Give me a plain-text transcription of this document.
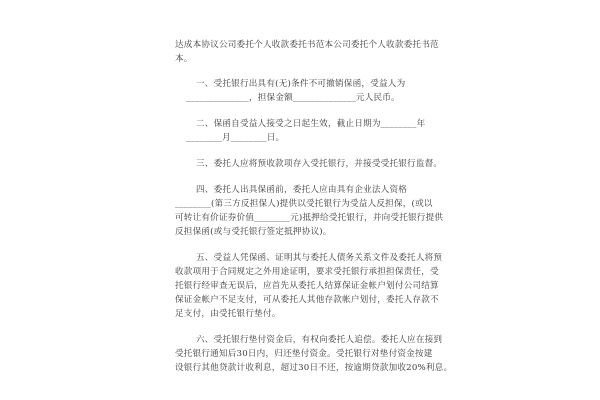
达成本协议公司委托个人收款委托书范本公司委托个人收款委托书范
本。
一、受托银行出具有(无)条件不可撤销保函，受益人为
______________，担保金额______________元人民币。
二、保函自受益人接受之日起生效，截止日期为________年
________月________日。
三、委托人应将预收款项存入受托银行，并接受受托银行监督。
四、委托人出具保函前，委托人应由具有企业法人资格
________(第三方反担保人)提供以受托银行为受益人反担保，(或以
可转让有价证券价值________元)抵押给受托银行，并向受托银行提供
反担保函(或与受托银行签定抵押协议)。
五、受益人凭保函、证明其与委托人债务关系文件及委托人将预
收款项用于合同规定之外用途证明，要求受托银行承担担保责任，受
托银行经审查无误后，应首先从委托人结算保证金帐户划付公司结算
保证金帐户不足支付，可从委托人其他存款帐户划付，委托人存款不
足支付，由受托银行垫付。
六、受托银行垫付资金后，有权向委托人追偿。委托人应在接到
受托银行通知后30日内，归还垫付资金。受托银行对垫付资金按建
设银行其他贷款计收利息，超过30日不还，按逾期贷款加收20%利息。
